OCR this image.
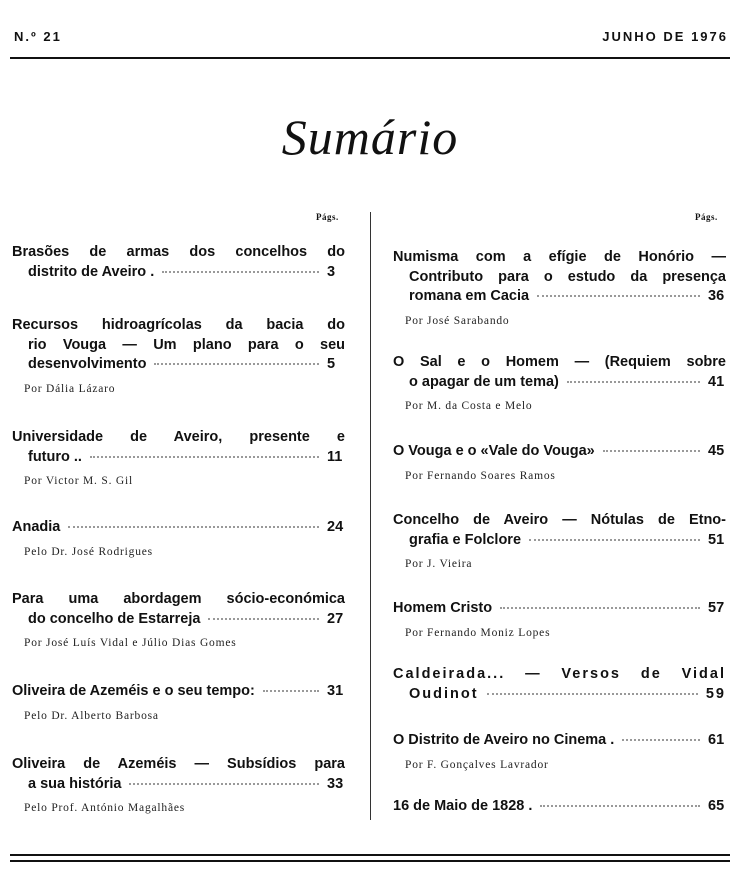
N.º 21	JUNHO DE 1976
Sumário
Págs.	Págs.
Brasões de armas dos concelhos do
distrito de Aveiro .	3
Recursos hidroagrícolas da bacia do
rio Vouga — Um plano para o seu
desenvolvimento	5
Por Dália Lázaro
Universidade de Aveiro, presente e
futuro ..	11
Por Victor M. S. Gil
Anadia	24
Pelo Dr. José Rodrigues
Para uma abordagem sócio-económica
do concelho de Estarreja	27
Por José Luís Vidal e Júlio Dias Gomes
Oliveira de Azeméis e o seu tempo:	31
Pelo Dr. Alberto Barbosa
Oliveira de Azeméis — Subsídios para
a sua história	33
Pelo Prof. António Magalhães
Numisma com a efígie de Honório —
Contributo para o estudo da presença
romana em Cacia	36
Por José Sarabando
O Sal e o Homem — (Requiem sobre
o apagar de um tema)	41
Por M. da Costa e Melo
O Vouga e o «Vale do Vouga»	45
Por Fernando Soares Ramos
Concelho de Aveiro — Nótulas de Etno-
grafia e Folclore	51
Por J. Vieira
Homem Cristo	57
Por Fernando Moniz Lopes
Caldeirada... — Versos de Vidal
Oudinot	59
O Distrito de Aveiro no Cinema .	61
Por F. Gonçalves Lavrador
16 de Maio de 1828 .	65
